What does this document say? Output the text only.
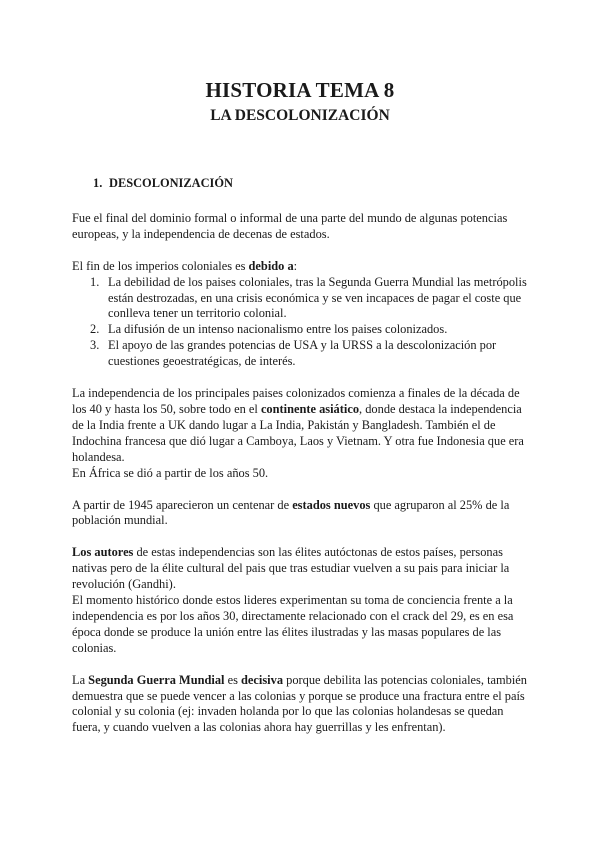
HISTORIA TEMA 8
LA DESCOLONIZACIÓN
1. DESCOLONIZACIÓN

Fue el final del dominio formal o informal de una parte del mundo de algunas potencias europeas, y la independencia de decenas de estados.

El fin de los imperios coloniales es debido a:

1. La debilidad de los paises coloniales, tras la Segunda Guerra Mundial las metrópolis están destrozadas, en una crisis económica y se ven incapaces de pagar el coste que conlleva tener un territorio colonial.
2. La difusión de un intenso nacionalismo entre los paises colonizados.
3. El apoyo de las grandes potencias de USA y la URSS a la descolonización por cuestiones geoestratégicas, de interés.

La independencia de los principales paises colonizados comienza a finales de la década de los 40 y hasta los 50, sobre todo en el continente asiático, donde destaca la independencia de la India frente a UK dando lugar a La India, Pakistán y Bangladesh. También el de Indochina francesa que dió lugar a Camboya, Laos y Vietnam. Y otra fue Indonesia que era holandesa.

En África se dió a partir de los años 50.

A partir de 1945 aparecieron un centenar de estados nuevos que agruparon al 25% de la población mundial.

Los autores de estas independencias son las élites autóctonas de estos países, personas nativas pero de la élite cultural del pais que tras estudiar vuelven a su pais para iniciar la revolución (Gandhi).

El momento histórico donde estos lideres experimentan su toma de conciencia frente a la independencia es por los años 30, directamente relacionado con el crack del 29, es en esa época donde se produce la unión entre las élites ilustradas y las masas populares de las colonias.

La Segunda Guerra Mundial es decisiva porque debilita las potencias coloniales, también demuestra que se puede vencer a las colonias y porque se produce una fractura entre el país colonial y su colonia (ej: invaden holanda por lo que las colonias holandesas se quedan fuera, y cuando vuelven a las colonias ahora hay guerrillas y les enfrentan).
